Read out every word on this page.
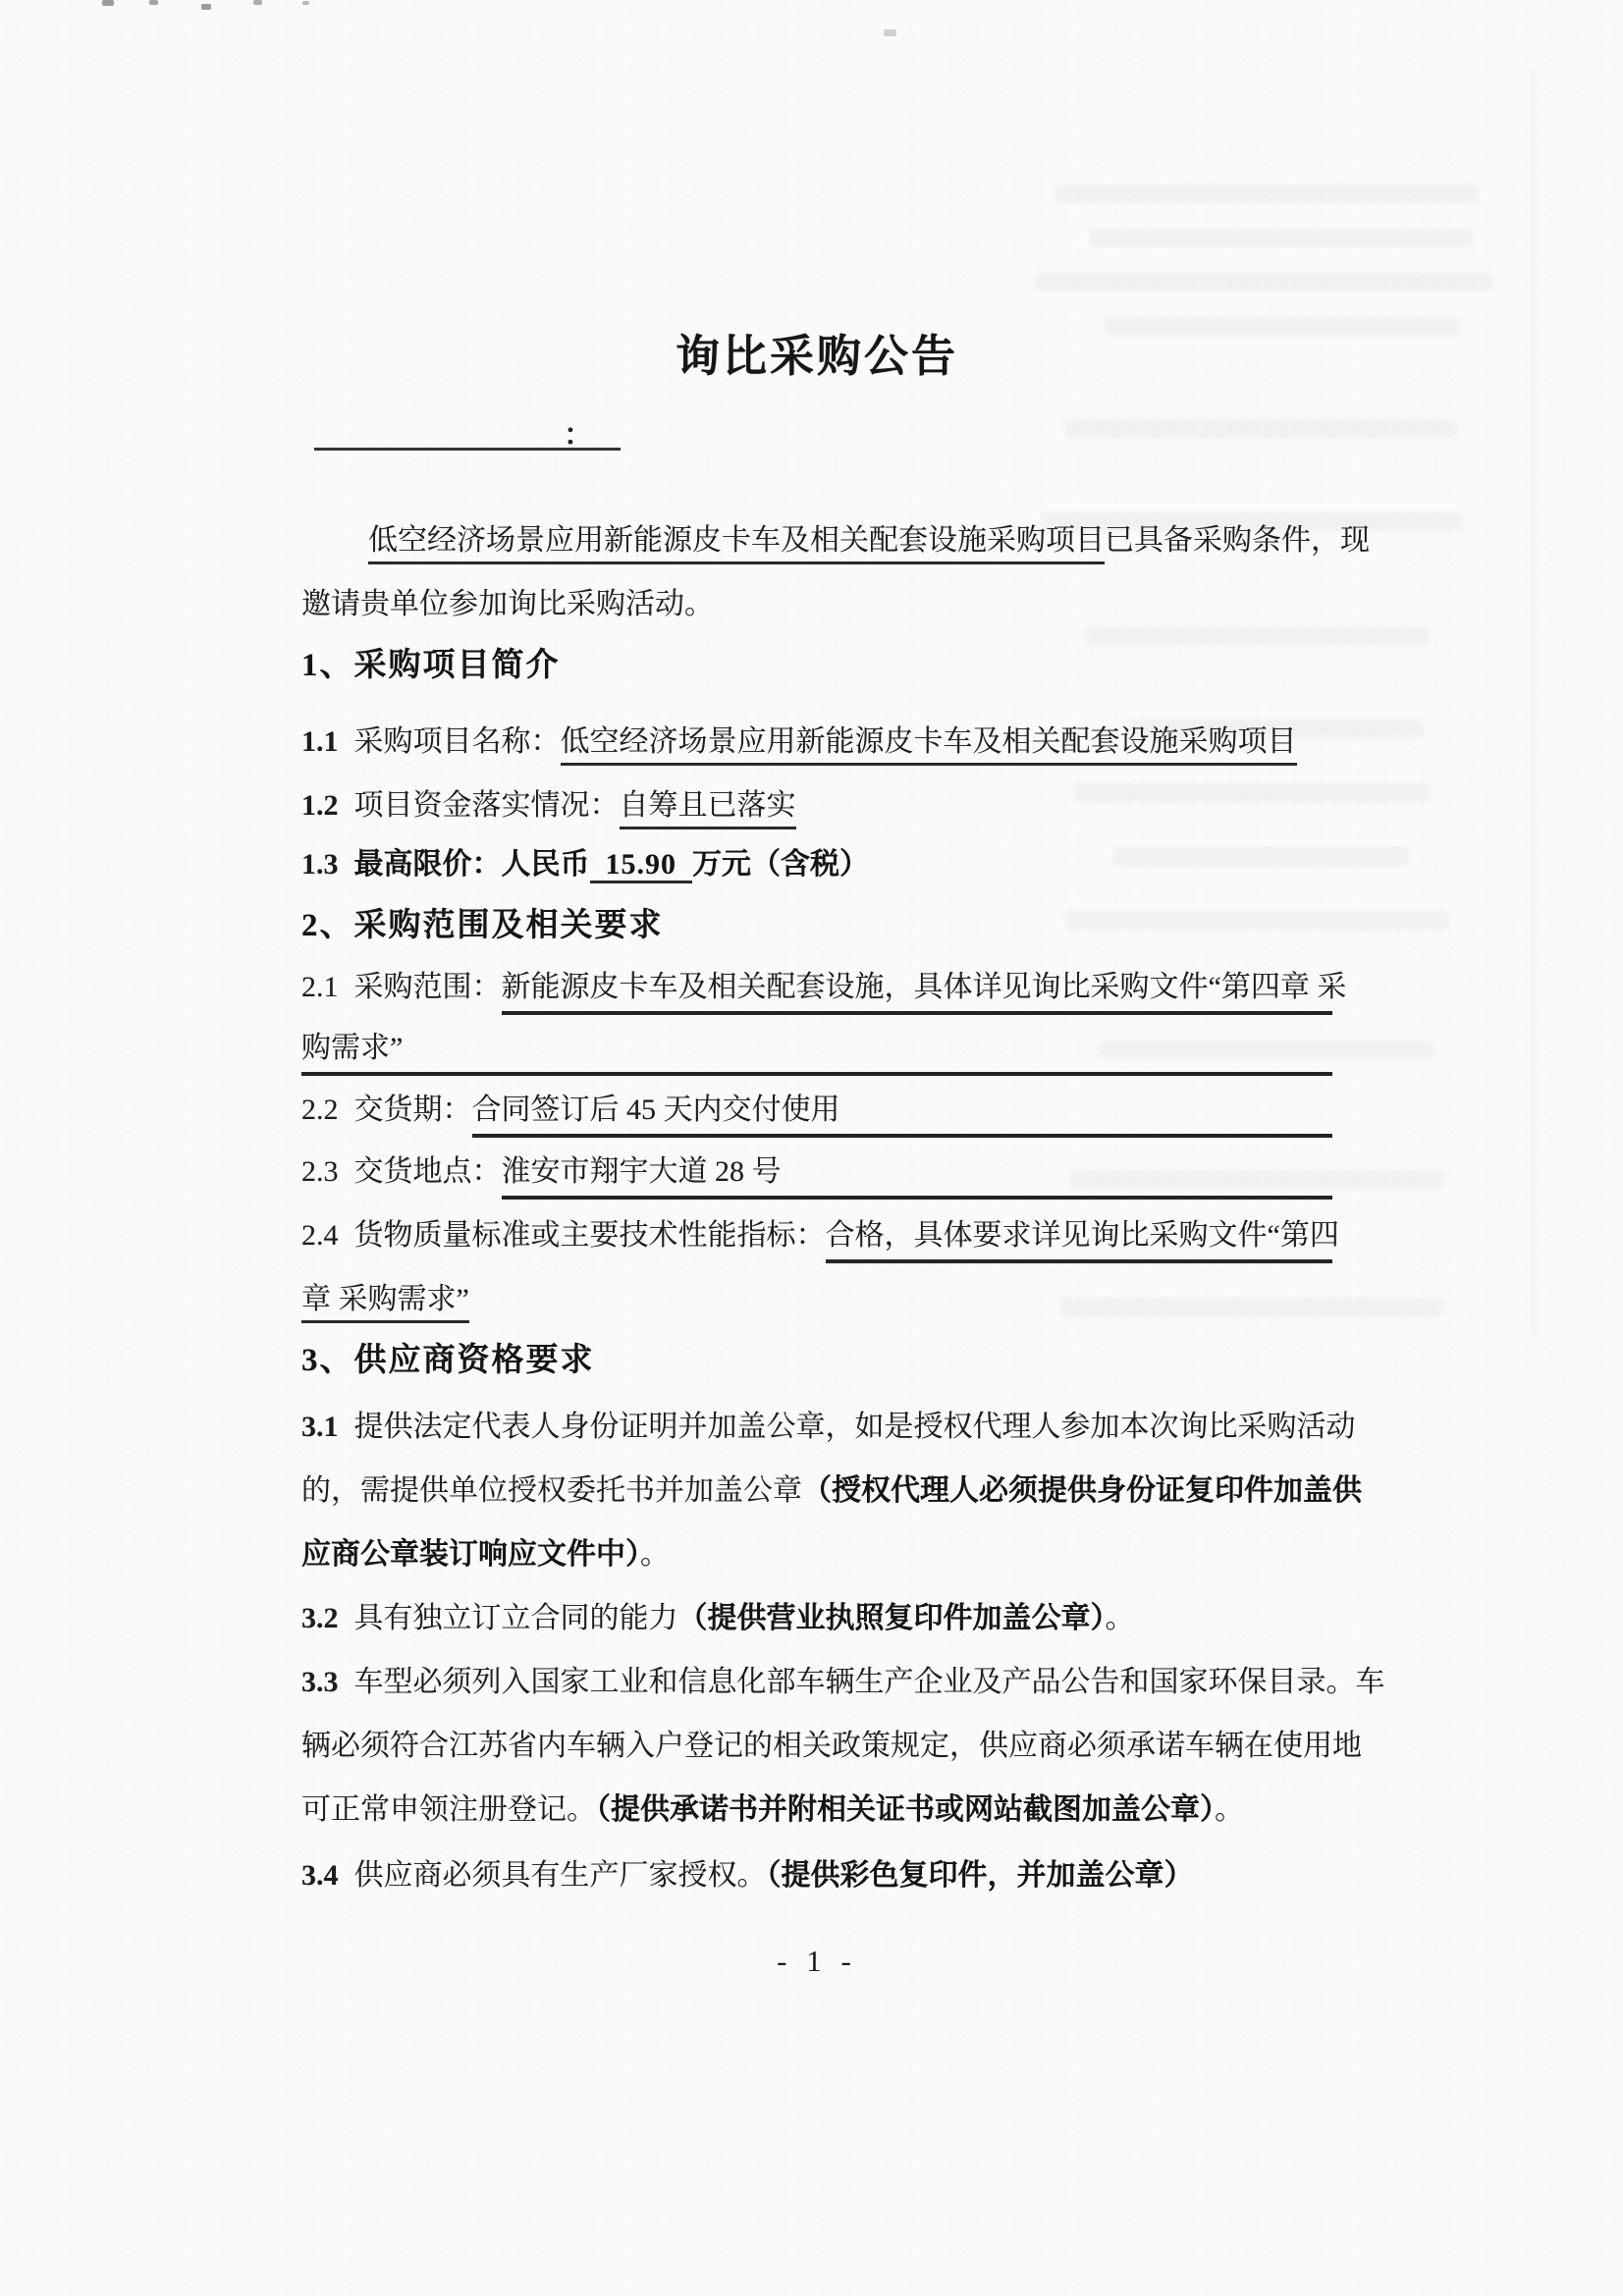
询比采购公告
：
低空经济场景应用新能源皮卡车及相关配套设施采购项目已具备采购条件，现
邀请贵单位参加询比采购活动。
1、采购项目简介
1.1 采购项目名称：低空经济场景应用新能源皮卡车及相关配套设施采购项目
1.2 项目资金落实情况：自筹且已落实
1.3 最高限价：人民币 15.90 万元（含税）
2、采购范围及相关要求
2.1 采购范围： 新能源皮卡车及相关配套设施，具体详见询比采购文件“第四章 采
购需求”
2.2 交货期： 合同签订后 45 天内交付使用
2.3 交货地点： 淮安市翔宇大道 28 号
2.4 货物质量标准或主要技术性能指标： 合格，具体要求详见询比采购文件“第四
章 采购需求”
3、供应商资格要求
3.1 提供法定代表人身份证明并加盖公章，如是授权代理人参加本次询比采购活动
的，需提供单位授权委托书并加盖公章（授权代理人必须提供身份证复印件加盖供
应商公章装订响应文件中）。
3.2 具有独立订立合同的能力（提供营业执照复印件加盖公章）。
3.3 车型必须列入国家工业和信息化部车辆生产企业及产品公告和国家环保目录。车
辆必须符合江苏省内车辆入户登记的相关政策规定，供应商必须承诺车辆在使用地
可正常申领注册登记。（提供承诺书并附相关证书或网站截图加盖公章）。
3.4 供应商必须具有生产厂家授权。（提供彩色复印件，并加盖公章）
- 1 -
